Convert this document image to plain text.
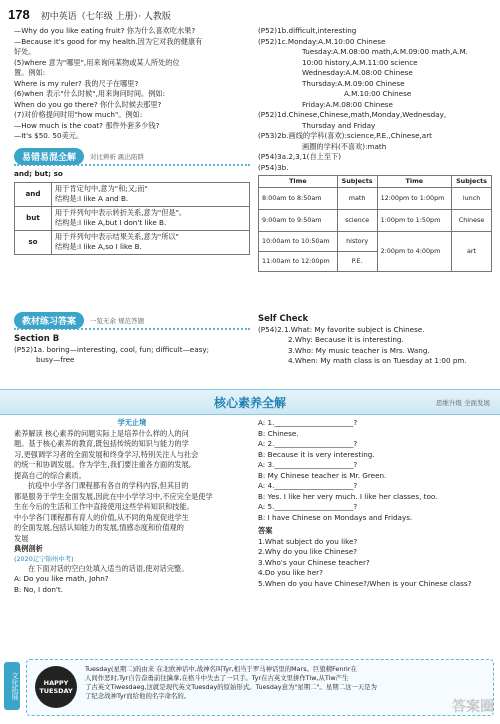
178 初中英语（七年级 上册）· 人教版
—Why do you like eating fruit? 你为什么喜欢吃水果?
—Because it's good for my health.因为它对我的健康有
好处。
(5)where 意为"哪里",用来询问某物或某人所处的位
置。例如:
Where is my ruler? 我的尺子在哪里?
(6)when 表示"什么时候",用来询问时间。例如:
When do you go there? 你什么时候去那里?
(7)对价格提问时用"how much"。例如:
—How much is the coat? 那件外套多少钱?
—It's $50. 50美元。
易错易混全解	对比辨析 跳出陷阱
and; but; so
and	用于肯定句中,意为"和;又;而"
结构是:I like A and B.

but	用于并列句中表示转折关系,意为"但是"。
结构是:I like A,but I don't like B.

so	用于并列句中表示结果关系,意为"所以"
结构是:I like A,so I like B.
教材练习答案	一览无余 规范答题
Section B
(P52)1a. boring—interesting, cool, fun; difficult—easy;
busy—free
(P52)1b.difficult,interesting
(P52)1c.Monday:A.M.10:00 Chinese
Tuesday:A.M.08:00 math,A.M.09:00 math,A.M.
10:00 history,A.M.11:00 science
Wednesday:A.M.08:00 Chinese
Thursday:A.M.09:00 Chinese
A.M.10:00 Chinese
Friday:A.M.08:00 Chinese
(P52)1d.Chinese,Chinese,math,Monday,Wednesday,
Thursday and Friday
(P53)2b.画线的学科(喜欢):science,P.E.,Chinese,art
画圈的学科(不喜欢):math
(P54)3a.2,3,1(自上至下)
(P54)3b.
Time	Subjects	Time	Subjects
8:00am to 8:50am	math	12:00pm to 1:00pm	lunch
9:00am to 9:50am	science	1:00pm to 1:50pm	Chinese
10:00am to 10:50am	history	2:00pm to 4:00pm	art
11:00am to 12:00pm	P.E.		
Self Check
(P54)2.1.What: My favorite subject is Chinese.
2.Why: Because it is interesting.
3.Who: My music teacher is Mrs. Wang.
4.When: My math class is on Tuesday at 1:00 pm.
核心素养全解	思维升级 全面发展
学无止境
素养解读 核心素养的问题实际上是培养什么样的人的问
题。基于核心素养的教育,既包括传统的知识与能力的学
习,更强调学习者的全面发展和终身学习,特别关注人与社会
的统一和协调发展。作为学生,我们要注重各方面的发展,
提高自己的综合素质。
抗疫中小学各门课程都有各自的学科内容,但其目的
都是服务于学生全面发展,因此在中小学学习中,不应完全是使学
生在今后的生活和工作中直接使用这些学科知识和技能。
中小学各门课程都有育人的价值,从不同的角度促进学生
的全面发展,包括认知能力的发展,情感态度和价值观的
发展
典例剖析
(2020辽宁锦州中考)
在下面对话的空白处填入适当的话语,使对话完整。
A: Do you like math, John?
B: No, I don't.
A: 1.______________________?
B: Chinese.
A: 2.______________________?
B: Because it is very interesting.
A: 3.______________________?
B: My Chinese teacher is Mr. Green.
A: 4.______________________?
B: Yes. I like her very much. I like her classes, too.
A: 5.______________________?
B: I have Chinese on Mondays and Fridays.
答案
1.What subject do you like?
2.Why do you like Chinese?
3.Who's your Chinese teacher?
4.Do you like her?
5.When do you have Chinese?/When is your Chinese class?
文化拓展	HAPPY TUESDAY
Tuesday(星期二)的由来 在北欧神话中,战神名叫Tyr,相当于罗马神话里的Mars。巨狼精Fenrir在
人间作恶时,Tyr自告奋勇前往擒拿,在格斗中失去了一只手。Tyr在古英文里拼作Tiw,从Tiw产生
了古英文Tiwesdaeg,这就是现代英文Tuesday的原始形式。Tuesday意为"星期二"。星期二这一天是为
了纪念战神Tyr而给他的名字命名的。
答案圈
